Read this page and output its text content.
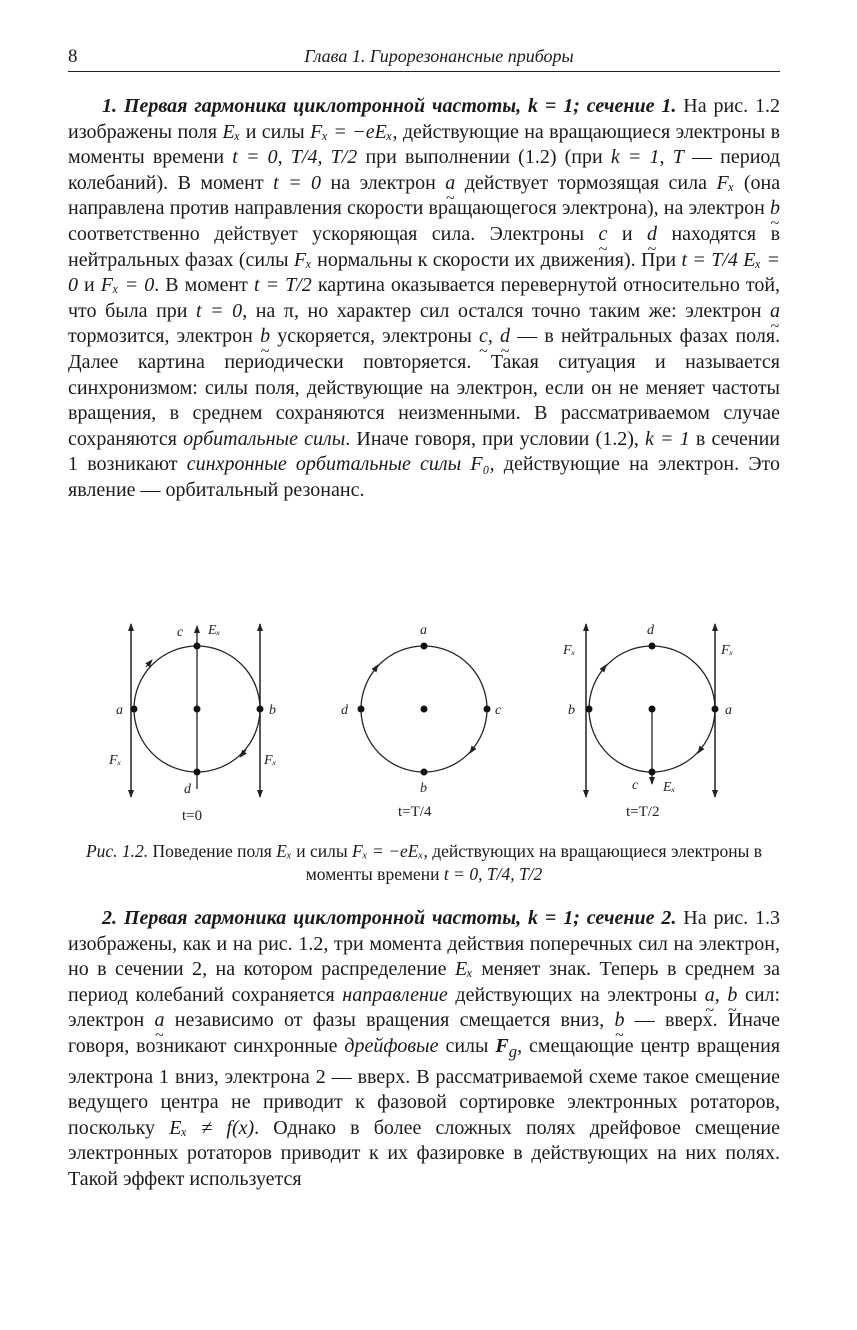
8	Глава 1. Гирорезонансные приборы
1. Первая гармоника циклотронной частоты, k = 1; сечение 1. На рис. 1.2 изображены поля Eₓ и силы Fₓ = −eEₓ, действующие на вращающиеся электроны в моменты времени t = 0, T/4, T/2 при выполнении (1.2) (при k = 1, T — период колебаний). В момент t = 0 на электрон a ~ действует тормозящая сила Fₓ (она направлена против направления скорости вращающегося электрона), на электрон b ~ соответственно действует ускоряющая сила. Электроны c ~ и d ~ находятся в нейтральных фазах (силы Fₓ нормальны к скорости их движения). При t = T/4 Eₓ = 0 и Fₓ = 0. В момент t = T/2 картина оказывается перевернутой относительно той, что была при t = 0, на π, но характер сил остался точно таким же: электрон a ~ тормозится, электрон b ~ ускоряется, электроны c ~, d ~ — в нейтральных фазах поля. Далее картина периодически повторяется. Такая ситуация и называется синхронизмом: силы поля, действующие на электрон, если он не меняет частоты вращения, в среднем сохраняются неизменными. В рассматриваемом случае сохраняются орбитальные силы. Иначе говоря, при условии (1.2), k = 1 в сечении 1 возникают синхронные орбитальные силы F₀, действующие на электрон. Это явление — орбитальный резонанс.
c Eₓ
d
a	b
Fₓ	Fₓ
t=0
a
b
d	c
t=T/4
d
c Eₓ
b	a
Fₓ	Fₓ
t=T/2
Рис. 1.2. Поведение поля Eₓ и силы Fₓ = −eEₓ, действующих на вращающиеся электроны в моменты времени t = 0, T/4, T/2
2. Первая гармоника циклотронной частоты, k = 1; сечение 2. На рис. 1.3 изображены, как и на рис. 1.2, три момента действия поперечных сил на электрон, но в сечении 2, на котором распределение Eₓ меняет знак. Теперь в среднем за период колебаний сохраняется направление действующих на электроны a ~, b ~ сил: электрон a ~ независимо от фазы вращения смещается вниз, b ~ — вверх. Иначе говоря, возникают синхронные дрейфовые силы $F_g$, смещающие центр вращения электрона 1 вниз, электрона 2 — вверх. В рассматриваемой схеме такое смещение ведущего центра не приводит к фазовой сортировке электронных ротаторов, поскольку Eₓ ≠ f(x). Однако в более сложных полях дрейфовое смещение электронных ротаторов приводит к их фазировке в действующих на них полях. Такой эффект используется
